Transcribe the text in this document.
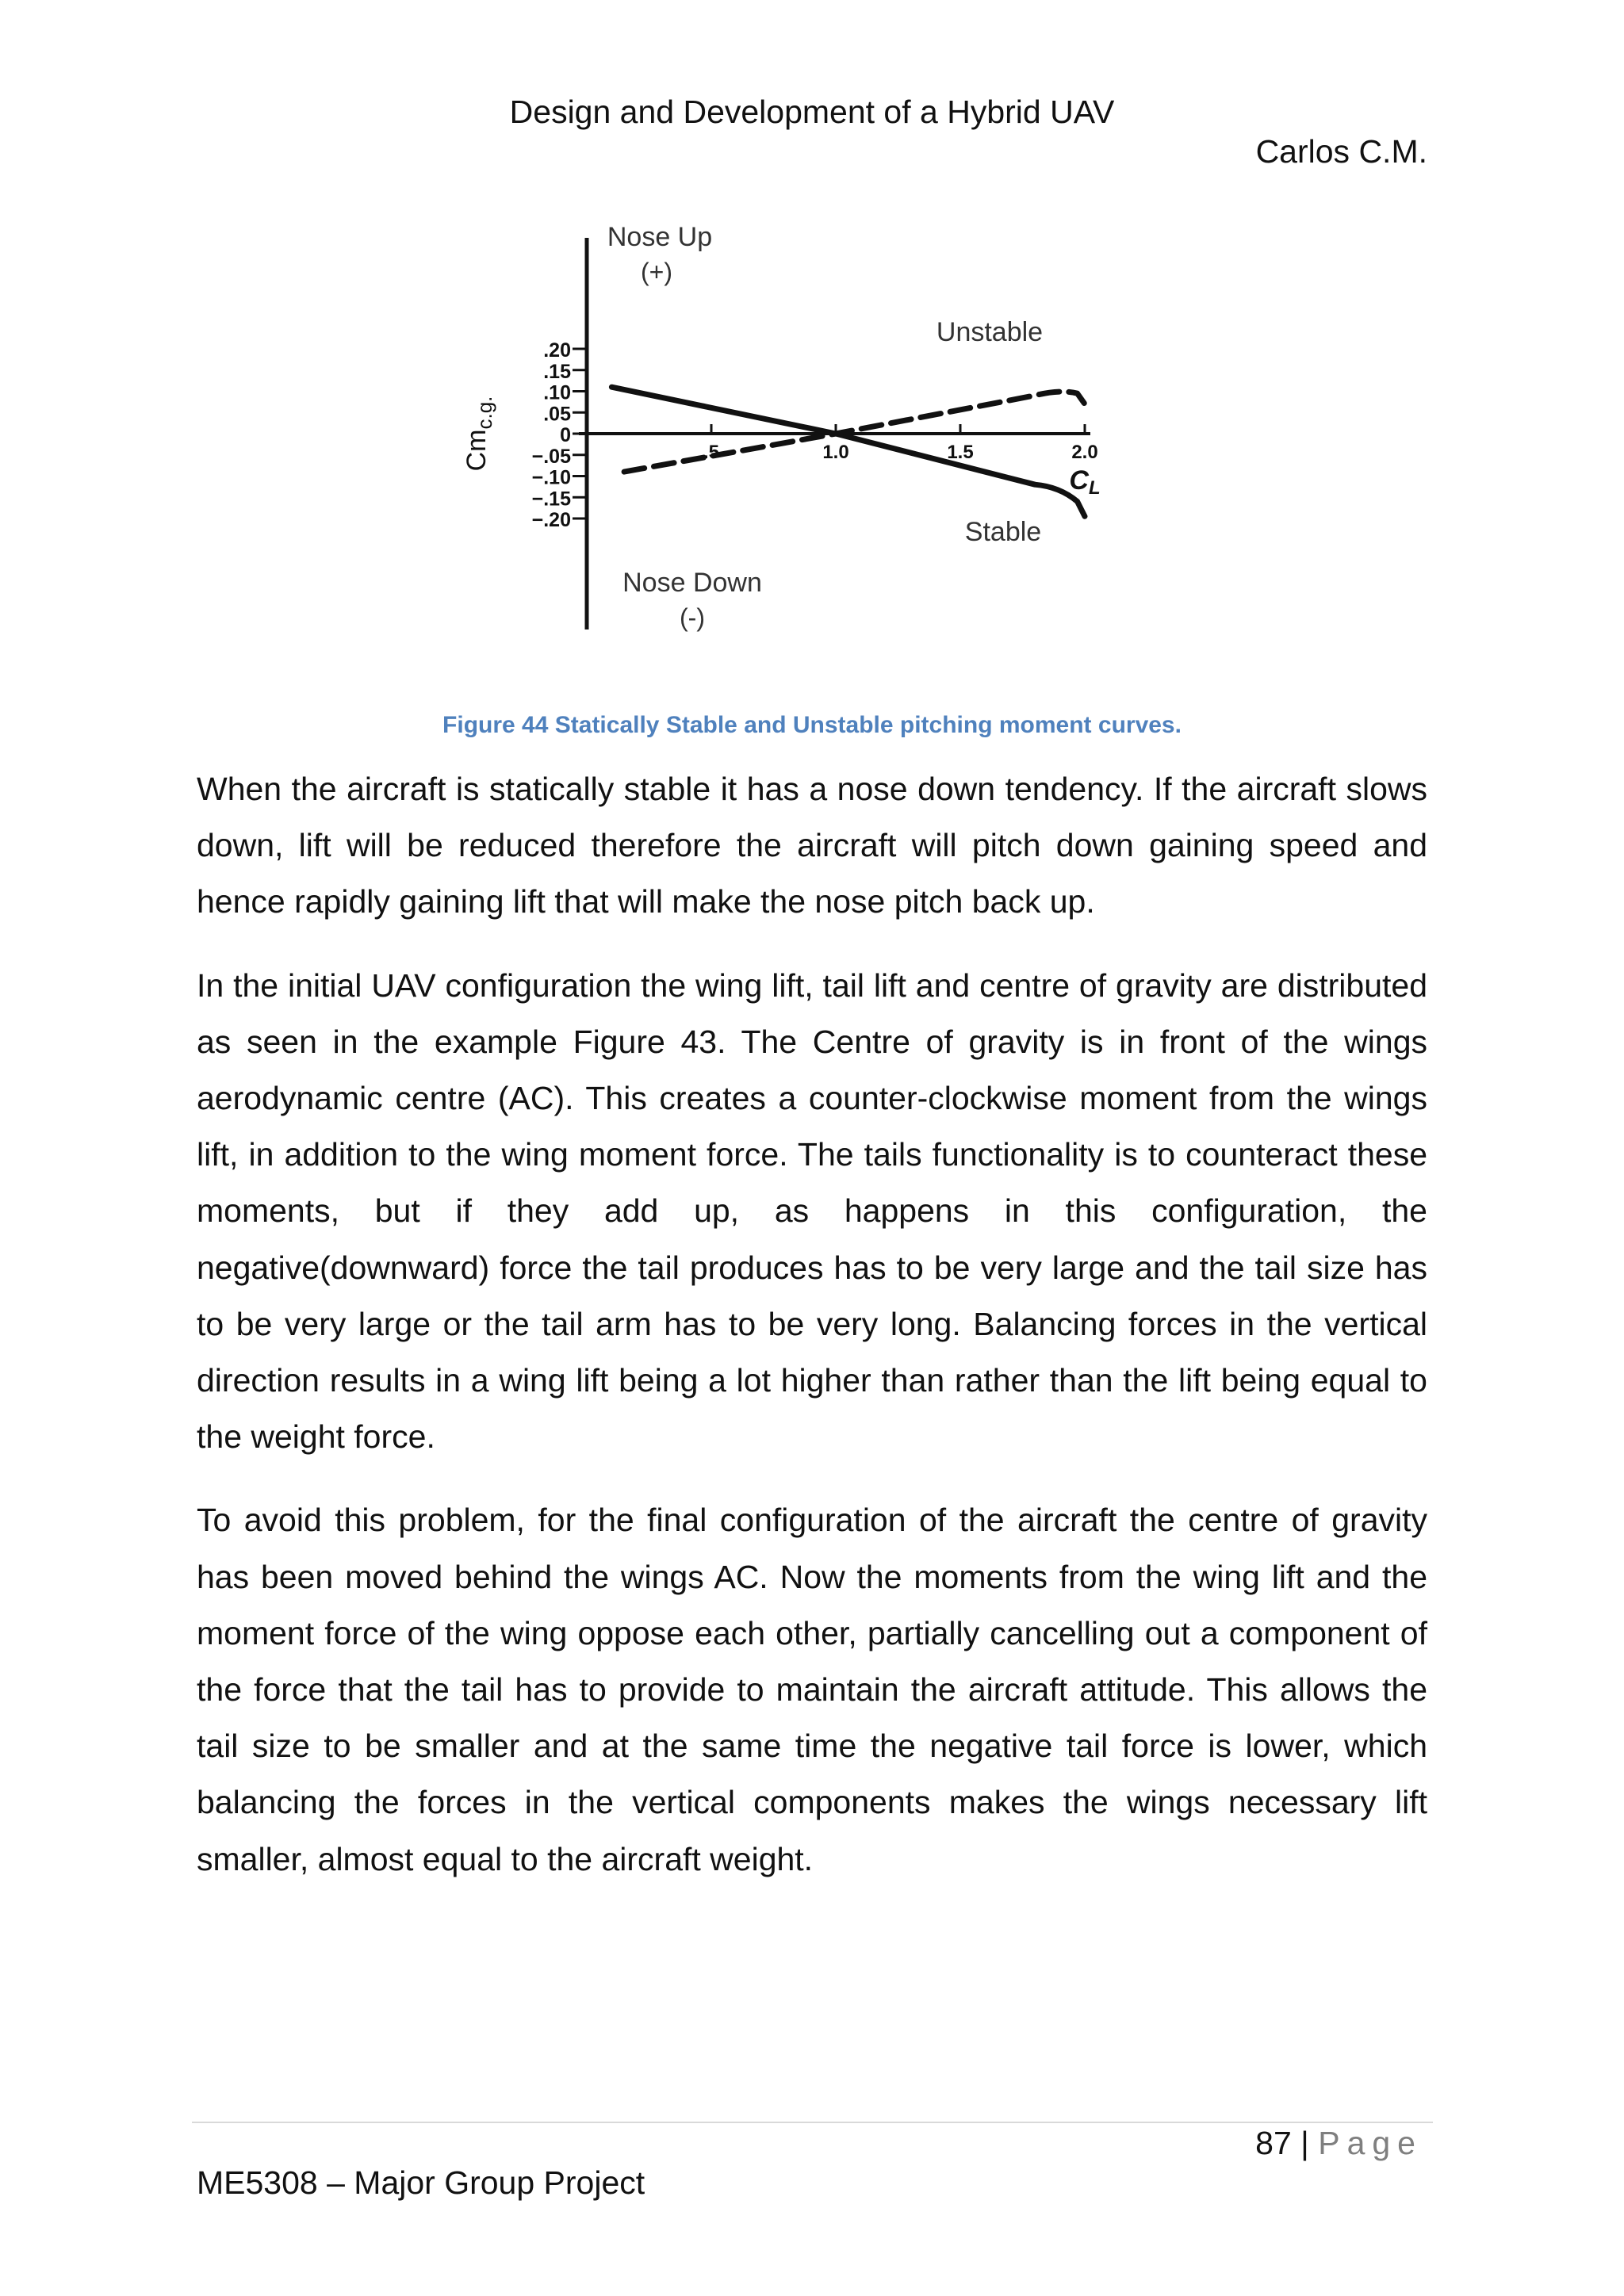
Design and Development of a Hybrid UAV
Carlos C.M.
.20
.15
.10
.05
0
−.05
−.10
−.15
−.20
.5	1.0	1.5	2.0
$Cm_{c.g.}$
CL
Nose Up
(+)
Nose Down
(-)
Unstable
Stable
Figure 44 Statically Stable and Unstable pitching moment curves.

When the aircraft is statically stable it has a nose down tendency. If the aircraft slows down, lift will be reduced therefore the aircraft will pitch down gaining speed and hence rapidly gaining lift that will make the nose pitch back up.

In the initial UAV configuration the wing lift, tail lift and centre of gravity are distributed as seen in the example Figure 43. The Centre of gravity is in front of the wings aerodynamic centre (AC). This creates a counter-clockwise moment from the wings lift, in addition to the wing moment force. The tails functionality is to counteract these moments, but if they add up, as happens in this configuration, the negative(downward) force the tail produces has to be very large and the tail size has to be very large or the tail arm has to be very long. Balancing forces in the vertical direction results in a wing lift being a lot higher than rather than the lift being equal to the weight force.

To avoid this problem, for the final configuration of the aircraft the centre of gravity has been moved behind the wings AC. Now the moments from the wing lift and the moment force of the wing oppose each other, partially cancelling out a component of the force that the tail has to provide to maintain the aircraft attitude. This allows the tail size to be smaller and at the same time the negative tail force is lower, which balancing the forces in the vertical components makes the wings necessary lift smaller, almost equal to the aircraft weight.

87 | Page
ME5308 – Major Group Project
